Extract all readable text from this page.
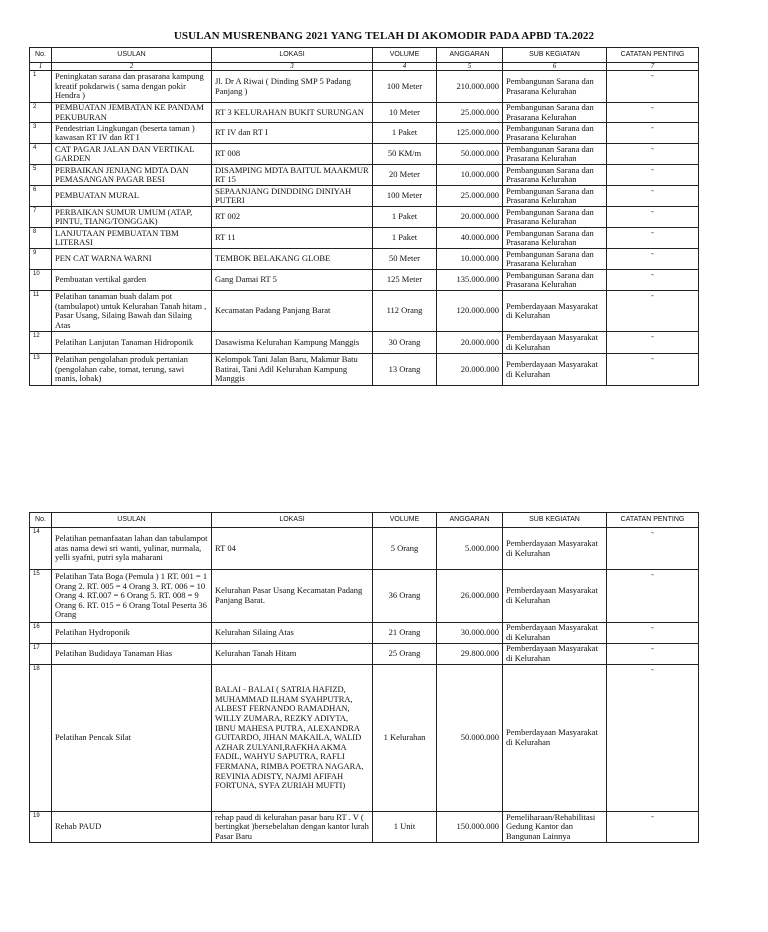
USULAN MUSRENBANG 2021 YANG TELAH DI AKOMODIR PADA APBD TA.2022
No.	USULAN	LOKASI	VOLUME	ANGGARAN	SUB KEGIATAN	CATATAN PENTING
1	2	3	4	5	6	7
1	Peningkatan sarana dan prasarana kampung kreatif pokdarwis ( sama dengan pokir Hendra )	Jl. Dr A Riwai ( Dinding SMP 5 Padang Panjang )	100 Meter	210.000.000	Pembangunan Sarana dan Prasarana Kelurahan	-
2	PEMBUATAN JEMBATAN KE PANDAM PEKUBURAN	RT 3 KELURAHAN BUKIT SURUNGAN	10 Meter	25.000.000	Pembangunan Sarana dan Prasarana Kelurahan	-
3	Pendestrian Lingkungan (beserta taman ) kawasan RT IV dan RT I	RT IV dan RT I	1 Paket	125.000.000	Pembangunan Sarana dan Prasarana Kelurahan	-
4	CAT PAGAR JALAN DAN VERTIKAL GARDEN	RT 008	50 KM/m	50.000.000	Pembangunan Sarana dan Prasarana Kelurahan	-
5	PERBAIKAN JENJANG MDTA DAN PEMASANGAN PAGAR BESI	DISAMPING MDTA BAITUL MAAKMUR RT 15	20 Meter	10.000.000	Pembangunan Sarana dan Prasarana Kelurahan	-
6	PEMBUATAN MURAL	SEPAANJANG DINDDING DINIYAH PUTERI	100 Meter	25.000.000	Pembangunan Sarana dan Prasarana Kelurahan	-
7	PERBAIKAN SUMUR UMUM (ATAP, PINTU, TIANG/TONGGAK)	RT 002	1 Paket	20.000.000	Pembangunan Sarana dan Prasarana Kelurahan	-
8	LANJUTAAN PEMBUATAN TBM LITERASI	RT 11	1 Paket	40.000.000	Pembangunan Sarana dan Prasarana Kelurahan	-
9	PEN CAT WARNA WARNI	TEMBOK BELAKANG GLOBE	50 Meter	10.000.000	Pembangunan Sarana dan Prasarana Kelurahan	-
10	Pembuatan vertikal garden	Gang Damai RT 5	125 Meter	135.000.000	Pembangunan Sarana dan Prasarana Kelurahan	-
11	Pelatihan tanaman buah dalam pot (tambulapot) untuk Kelurahan Tanah hitam , Pasar Usang, Silaing Bawah dan Silaing Atas	Kecamatan Padang Panjang Barat	112 Orang	120.000.000	Pemberdayaan Masyarakat di Kelurahan	-
12	Pelatihan Lanjutan Tanaman Hidroponik	Dasawisma Kelurahan Kampung Manggis	30 Orang	20.000.000	Pemberdayaan Masyarakat di Kelurahan	-
13	Pelatihan pengolahan produk pertanian (pengolahan cabe, tomat, terung, sawi manis, lobak)	Kelompok Tani Jalan Baru, Makmur Batu Batirai, Tani Adil Kelurahan Kampung Manggis	13 Orang	20.000.000	Pemberdayaan Masyarakat di Kelurahan	-
No.	USULAN	LOKASI	VOLUME	ANGGARAN	SUB KEGIATAN	CATATAN PENTING
14	Pelatihan pemanfaatan lahan dan tabulampot atas nama dewi sri wanti, yulinar, nurmala, yelli syafni, putri syla maharani	RT 04	5 Orang	5.000.000	Pemberdayaan Masyarakat di Kelurahan	-
15	Pelatihan Tata Boga (Pemula ) 1 RT. 001 = 1 Orang 2. RT. 005 = 4 Orang 3. RT. 006 = 10 Orang 4. RT.007 = 6 Orang 5. RT. 008 = 9 Orang 6. RT. 015 = 6 Orang Total Peserta 36 Orang	Kelurahan Pasar Usang Kecamatan Padang Panjang Barat.	36 Orang	26.000.000	Pemberdayaan Masyarakat di Kelurahan	-
16	Pelatihan Hydroponik	Kelurahan Silaing Atas	21 Orang	30.000.000	Pemberdayaan Masyarakat di Kelurahan	-
17	Pelatihan Budidaya Tanaman Hias	Kelurahan Tanah Hitam	25 Orang	29.800.000	Pemberdayaan Masyarakat di Kelurahan	-
18	Pelatihan Pencak Silat	BALAI - BALAI ( SATRIA HAFIZD, MUHAMMAD ILHAM SYAHPUTRA, ALBEST FERNANDO RAMADHAN, WILLY ZUMARA, REZKY ADIYTA, IBNU MAHESA PUTRA, ALEXANDRA GUITARDO, JIHAN MAKAILA, WALID AZHAR ZULYANI,RAFKHA AKMA FADIL, WAHYU SAPUTRA, RAFLI FERMANA, RIMBA POETRA NAGARA, REVINIA ADISTY, NAJMI AFIFAH FORTUNA, SYFA ZURIAH MUFTI)	1 Kelurahan	50.000.000	Pemberdayaan Masyarakat di Kelurahan	-
19	Rehab PAUD	rehap paud di kelurahan pasar baru RT . V ( bertingkat )bersebelahan dengan kantor lurah Pasar Baru	1 Unit	150.000.000	Pemeliharaan/Rehabilitasi Gedung Kantor dan Bangunan Lainnya	-
